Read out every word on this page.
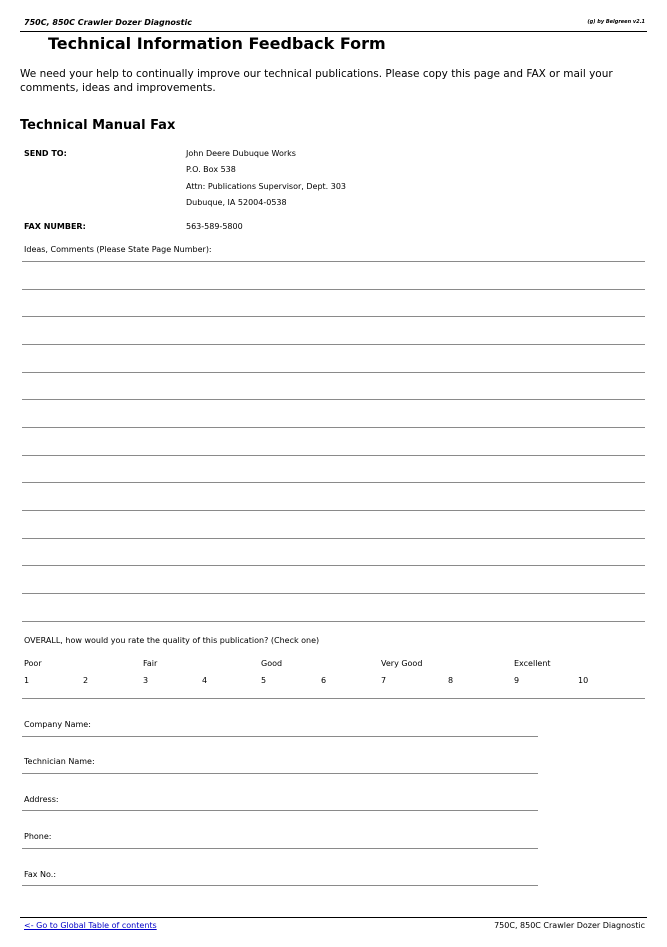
750C, 850C Crawler Dozer Diagnostic	(g) by Belgreen v2.1
Technical Information Feedback Form
We need your help to continually improve our technical publications. Please copy this page and FAX or mail your comments, ideas and improvements.
Technical Manual Fax
SEND TO:	John Deere Dubuque Works
P.O. Box 538
Attn: Publications Supervisor, Dept. 303
Dubuque, IA 52004-0538
FAX NUMBER:	563-589-5800
Ideas, Comments (Please State Page Number):
OVERALL, how would you rate the quality of this publication? (Check one)
Poor	Fair	Good	Very Good	Excellent
1	2	3	4	5	6	7	8	9	10
Company Name:
Technician Name:
Address:
Phone:
Fax No.:
<- Go to Global Table of contents	750C, 850C Crawler Dozer Diagnostic
